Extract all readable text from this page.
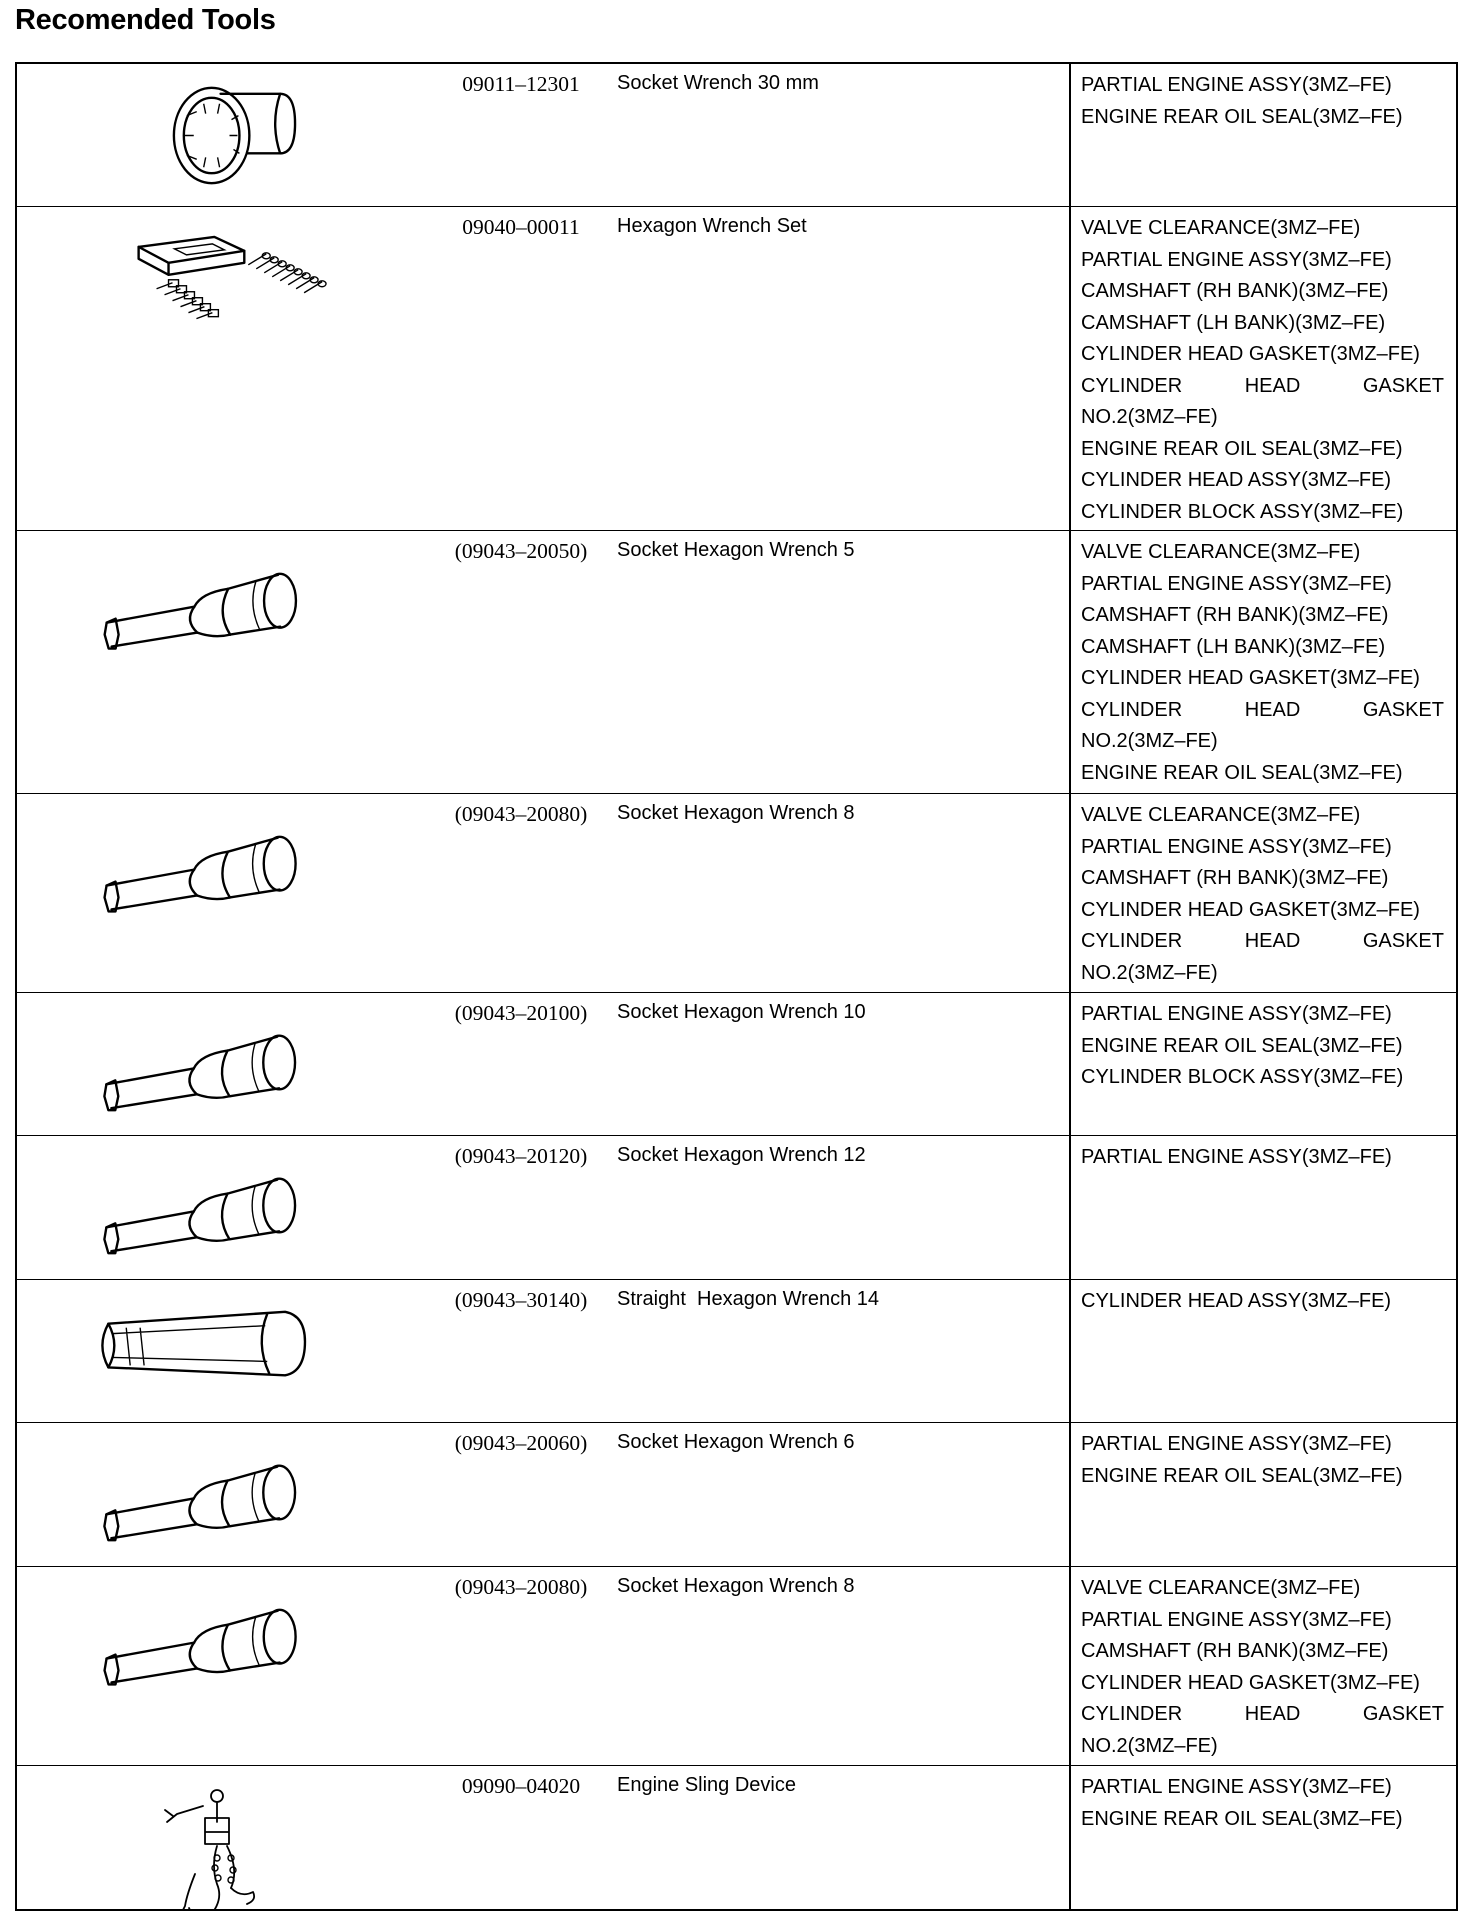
Recomended Tools
09011–12301	Socket Wrench 30 mm	PARTIAL ENGINE ASSY(3MZ–FE)
ENGINE REAR OIL SEAL(3MZ–FE)
09040–00011	Hexagon Wrench Set	VALVE CLEARANCE(3MZ–FE)
PARTIAL ENGINE ASSY(3MZ–FE)
CAMSHAFT (RH BANK)(3MZ–FE)
CAMSHAFT (LH BANK)(3MZ–FE)
CYLINDER HEAD GASKET(3MZ–FE)
CYLINDER	HEAD	GASKET
NO.2(3MZ–FE)
ENGINE REAR OIL SEAL(3MZ–FE)
CYLINDER HEAD ASSY(3MZ–FE)
CYLINDER BLOCK ASSY(3MZ–FE)
(09043–20050)	Socket Hexagon Wrench 5	VALVE CLEARANCE(3MZ–FE)
PARTIAL ENGINE ASSY(3MZ–FE)
CAMSHAFT (RH BANK)(3MZ–FE)
CAMSHAFT (LH BANK)(3MZ–FE)
CYLINDER HEAD GASKET(3MZ–FE)
CYLINDER	HEAD	GASKET
NO.2(3MZ–FE)
ENGINE REAR OIL SEAL(3MZ–FE)
(09043–20080)	Socket Hexagon Wrench 8	VALVE CLEARANCE(3MZ–FE)
PARTIAL ENGINE ASSY(3MZ–FE)
CAMSHAFT (RH BANK)(3MZ–FE)
CYLINDER HEAD GASKET(3MZ–FE)
CYLINDER	HEAD	GASKET
NO.2(3MZ–FE)
(09043–20100)	Socket Hexagon Wrench 10	PARTIAL ENGINE ASSY(3MZ–FE)
ENGINE REAR OIL SEAL(3MZ–FE)
CYLINDER BLOCK ASSY(3MZ–FE)
(09043–20120)	Socket Hexagon Wrench 12	PARTIAL ENGINE ASSY(3MZ–FE)
(09043–30140)	Straight  Hexagon Wrench 14	CYLINDER HEAD ASSY(3MZ–FE)
(09043–20060)	Socket Hexagon Wrench 6	PARTIAL ENGINE ASSY(3MZ–FE)
ENGINE REAR OIL SEAL(3MZ–FE)
(09043–20080)	Socket Hexagon Wrench 8	VALVE CLEARANCE(3MZ–FE)
PARTIAL ENGINE ASSY(3MZ–FE)
CAMSHAFT (RH BANK)(3MZ–FE)
CYLINDER HEAD GASKET(3MZ–FE)
CYLINDER	HEAD	GASKET
NO.2(3MZ–FE)
09090–04020	Engine Sling Device	PARTIAL ENGINE ASSY(3MZ–FE)
ENGINE REAR OIL SEAL(3MZ–FE)
